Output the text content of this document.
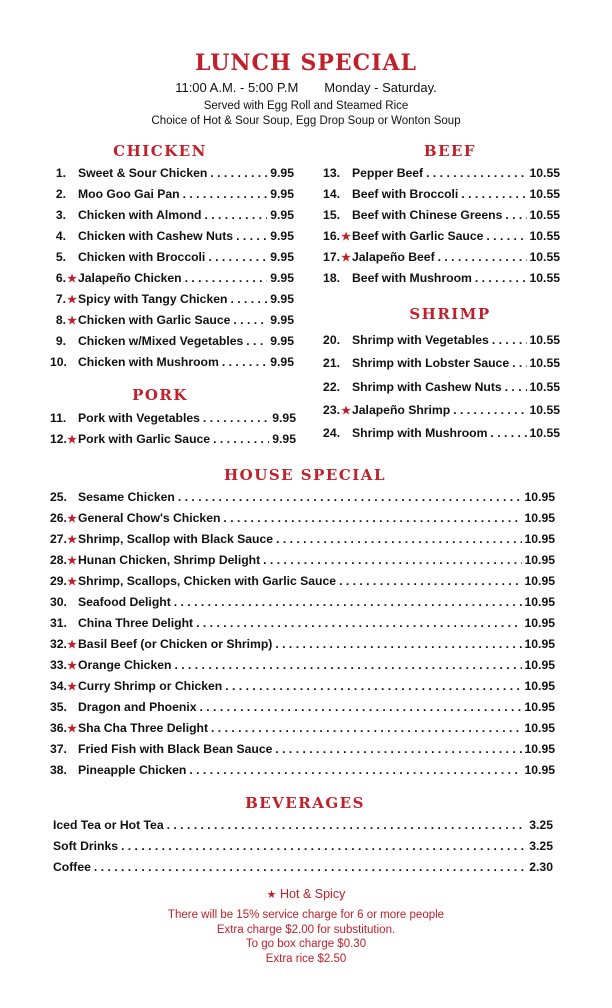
LUNCH SPECIAL
11:00 A.M. - 5:00 P.M Monday - Saturday.
Served with Egg Roll and Steamed Rice
Choice of Hot & Sour Soup, Egg Drop Soup or Wonton Soup
CHICKEN	BEEF
PORK
SHRIMP
HOUSE SPECIAL
BEVERAGES
1. Sweet & Sour Chicken . . .	9.95
2. Moo Goo Gai Pan . . .	9.95
3. Chicken with Almond . . .	9.95
4. Chicken with Cashew Nuts . . .	9.95
5. Chicken with Broccoli . . .	9.95
6. ★ Jalapeño Chicken . . .	9.95
7. ★ Spicy with Tangy Chicken . . .	9.95
8. ★ Chicken with Garlic Sauce . . .	9.95
9. Chicken w/Mixed Vegetables . . . 9.95
10. Chicken with Mushroom . . .	9.95
11. Pork with Vegetables . . .	9.95
12. ★ Pork with Garlic Sauce . . .	9.95
13. Pepper Beef . . .	10.55
14. Beef with Broccoli . . .	10.55
15. Beef with Chinese Greens . . . 10.55
16. ★ Beef with Garlic Sauce . . .	10.55
17. ★ Jalapeño Beef . . .	10.55
18. Beef with Mushroom . . .	10.55
20. Shrimp with Vegetables . . .	10.55
21. Shrimp with Lobster Sauce . . . 10.55
22. Shrimp with Cashew Nuts . . . 10.55
23. ★ Jalapeño Shrimp . . .	10.55
24. Shrimp with Mushroom . . .	10.55
25. Sesame Chicken . . .	10.95
26. ★ General Chow's Chicken . . .	10.95
27. ★ Shrimp, Scallop with Black Sauce . . .	10.95
28. ★ Hunan Chicken, Shrimp Delight . . .	10.95
29. ★ Shrimp, Scallops, Chicken with Garlic Sauce . . .	10.95
30. Seafood Delight . . .	10.95
31. China Three Delight . . .	10.95
32. ★ Basil Beef (or Chicken or Shrimp) . . .	10.95
33. ★ Orange Chicken . . .	10.95
34. ★ Curry Shrimp or Chicken . . .	10.95
35. Dragon and Phoenix . . .	10.95
36. ★ Sha Cha Three Delight . . .	10.95
37. Fried Fish with Black Bean Sauce . . .	10.95
38. Pineapple Chicken . . .	10.95
Iced Tea or Hot Tea . . .	3.25
Soft Drinks . . .	3.25
Coffee . . .	2.30
★ Hot & Spicy
There will be 15% service charge for 6 or more people
Extra charge $2.00 for substitution.
To go box charge $0.30
Extra rice $2.50
